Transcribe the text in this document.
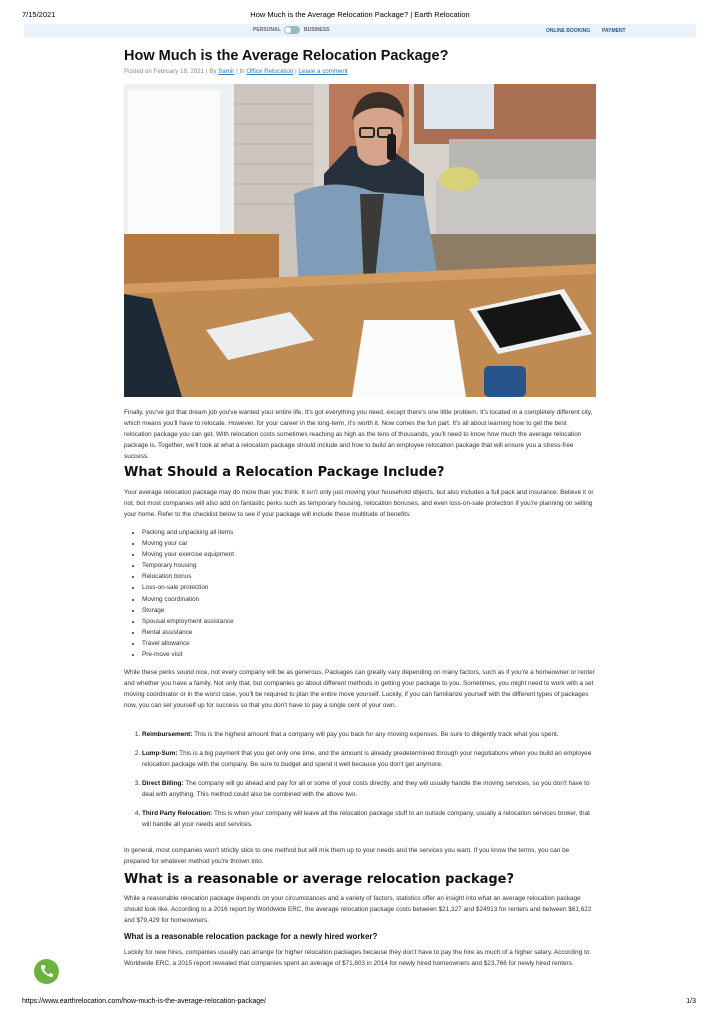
7/15/2021	How Much is the Average Relocation Package? | Earth Relocation
PERSONAL	BUSINESS	ONLINE BOOKING PAYMENT
How Much is the Average Relocation Package?
Posted on February 18, 2021 | By Samir | In Office Relocation | Leave a comment

Finally, you've got that dream job you've wanted your entire life. It's got everything you need, except there's one little problem. It's located in a completely different city, which means you'll have to relocate. However, for your career in the long-term, it's worth it. Now comes the fun part. It's all about learning how to get the best relocation package you can get. With relocation costs sometimes reaching as high as the tens of thousands, you'll need to know how much the average relocation package is. Together, we'll look at what a relocation package should include and how to build an employee relocation package that will ensure you a stress-free success.

What Should a Relocation Package Include?

Your average relocation package may do more than you think. It isn't only just moving your household objects, but also includes a full pack and insurance. Believe it or not, but most companies will also add on fantastic perks such as temporary housing, relocation bonuses, and even loss-on-sale protection if you're planning on selling your home. Refer to the checklist below to see if your package will include these multitude of benefits:

• Packing and unpacking all items
• Moving your car
• Moving your exercise equipment
• Temporary housing
• Relocation bonus
• Loss-on-sale protection
• Moving coordination
• Storage
• Spousal employment assistance
• Rental assistance
• Travel allowance
• Pre-move visit

While these perks sound nice, not every company will be as generous. Packages can greatly vary depending on many factors, such as if you're a homeowner or renter and whether you have a family. Not only that, but companies go about different methods in getting your package to you. Sometimes, you might need to work with a set moving coordinator or in the worst case, you'll be required to plan the entire move yourself. Luckily, if you can familiarize yourself with the different types of packages now, you can set yourself up for success so that you don't have to pay a single cent of your own.

1. Reimbursement: This is the highest amount that a company will pay you back for any moving expenses. Be sure to diligently track what you spent.
2. Lump-Sum: This is a big payment that you get only one time, and the amount is already predetermined through your negotiations when you build an employee relocation package with the company. Be sure to budget and spend it well because you don't get anymore.
3. Direct Billing: The company will go ahead and pay for all or some of your costs directly, and they will usually handle the moving services, so you don't have to deal with anything. This method could also be combined with the above two.
4. Third Party Relocation: This is when your company will leave all the relocation package stuff to an outside company, usually a relocation services broker, that will handle all your needs and services.

In general, most companies won't strictly stick to one method but will mix them up to your needs and the services you want. If you know the terms, you can be prepared for whatever method you're thrown into.

What is a reasonable or average relocation package?

While a reasonable relocation package depends on your circumstances and a variety of factors, statistics offer an insight into what an average relocation package should look like. According to a 2016 report by Worldwide ERC, the average relocation package costs between $21,327 and $24913 for renters and between $61,622 and $79,429 for homeowners.

What is a reasonable relocation package for a newly hired worker?

Luckily for new hires, companies usually can arrange for higher relocation packages because they don't have to pay the hire as much of a higher salary. According to Worldwide ERC, a 2015 report revealed that companies spent an average of $71,803 in 2014 for newly hired homeowners and $23,766 for newly hired renters.

https://www.earthrelocation.com/how-much-is-the-average-relocation-package/	1/3
